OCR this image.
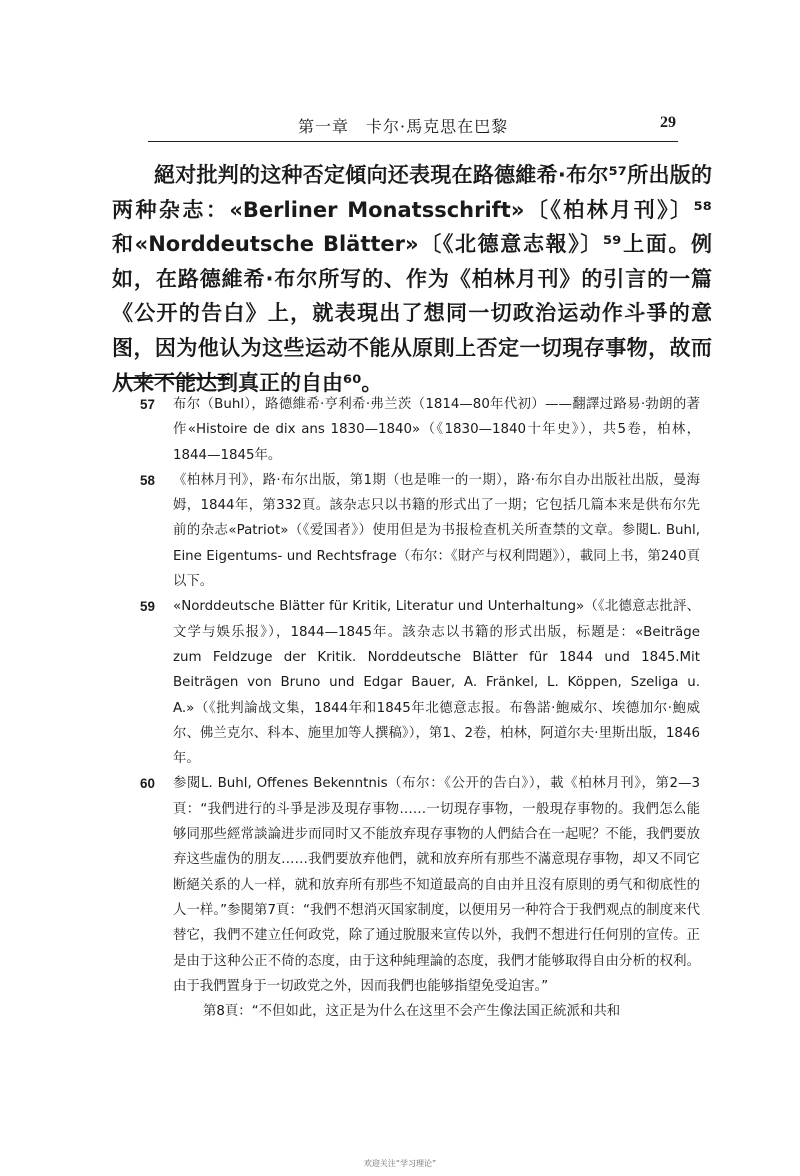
第一章　卡尔·馬克思在巴黎	29

絕对批判的这种否定傾向还表現在路德維希·布尔⁵⁷所出版的两种杂志：«Berliner Monatsschrift»〔《柏林月刊》〕⁵⁸和«Norddeutsche Blätter»〔《北德意志報》〕⁵⁹上面。例如，在路德維希·布尔所写的、作为《柏林月刊》的引言的一篇《公开的告白》上，就表現出了想同一切政治运动作斗爭的意图，因为他认为这些运动不能从原則上否定一切現存事物，故而从来不能达到真正的自由⁶⁰。

57 布尔（Buhl），路德維希·亨利希·弗兰茨（1814—80年代初）——翻譯过路易·勃朗的著作«Histoire de dix ans 1830—1840»（《1830—1840十年史》），共5卷，柏林，1844—1845年。
58 《柏林月刊》，路·布尔出版，第1期（也是唯一的一期），路·布尔自办出版社出版，曼海姆，1844年，第332頁。該杂志只以书籍的形式出了一期；它包括几篇本来是供布尔先前的杂志«Patriot»（《爱国者》）使用但是为书报检查机关所查禁的文章。参閱L. Buhl, Eine Eigentums- und Rechtsfrage（布尔：《財产与权利問題》），載同上书，第240頁以下。
59 «Norddeutsche Blätter für Kritik, Literatur und Unterhaltung»（《北德意志批評、文学与娛乐报》），1844—1845年。該杂志以书籍的形式出版，标題是：«Beiträge zum Feldzuge der Kritik. Norddeutsche Blätter für 1844 und 1845.Mit Beiträgen von Bruno und Edgar Bauer, A. Fränkel, L. Köppen, Szeliga u. A.»（《批判論战文集，1844年和1845年北德意志报。布魯諾·鮑威尔、埃德加尔·鮑威尔、佛兰克尔、科本、施里加等人撰稿》），第1、2卷，柏林，阿道尔夫·里斯出版，1846年。
60 参閱L. Buhl, Offenes Bekenntnis（布尔：《公开的告白》），載《柏林月刊》，第2—3頁：“我們进行的斗爭是涉及現存事物……一切現存事物，一般現存事物的。我們怎么能够同那些經常談論进步而同时又不能放弃現存事物的人們結合在一起呢？不能，我們要放弃这些虛伪的朋友……我們要放弃他們，就和放弃所有那些不滿意現存事物，却又不同它断絕关系的人一样，就和放弃所有那些不知道最高的自由并且沒有原則的勇气和彻底性的人一样。”参閱第7頁：“我們不想消灭国家制度，以便用另一种符合于我們观点的制度来代替它，我們不建立任何政党，除了通过脫服来宣传以外，我們不想进行任何別的宣传。正是由于这种公正不倚的态度，由于这种純理論的态度，我們才能够取得自由分析的权利。由于我們置身于一切政党之外，因而我們也能够指望免受迫害。”
第8頁：“不但如此，这正是为什么在这里不会产生像法国正統派和共和
欢迎关注“学习理论”
